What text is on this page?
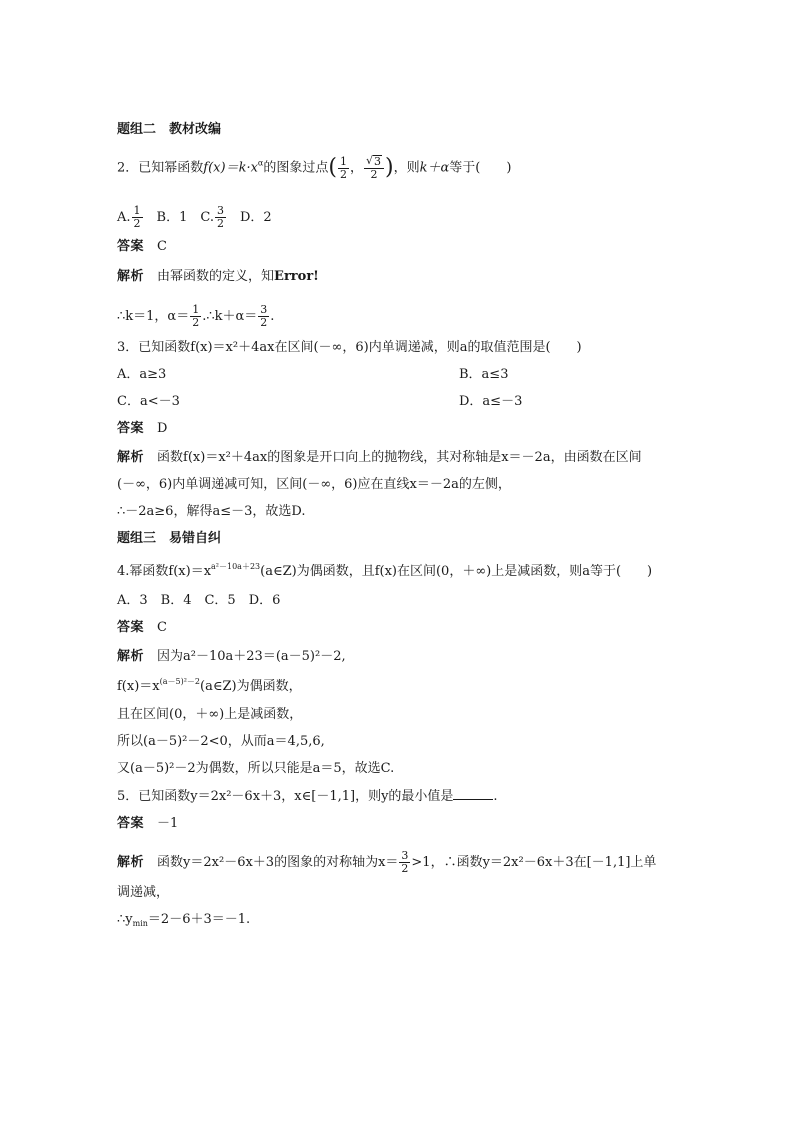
题组二　教材改编
2．已知幂函数$f(x)=k\cdot x^\alpha$的图象过点( $\frac{1}{2}$ ， $\frac{√ 3}{2}$ )，则k＋α等于(　　)
A. $\frac{1}{2}$
　 B．1　C. $\frac{3}{2}$ 　D．2
答案　 C
解析　 由幂函数的定义，知Error!
∴k＝1，$\alpha= \frac{1}{2}$ .∴k＋α＝ $\frac{3}{2}$ .
3．已知函数f(x)＝x²＋4ax在区间(－∞，6)内单调递减，则a的取值范围是(　　)
A．a≥3	B．a≤3
C．a<－3	D．a≤－3
答案　 D
解析　 函数f(x)＝x²＋4ax的图象是开口向上的抛物线，其对称轴是x＝－2a，由函数在区间
(－∞，6)内单调递减可知，区间(－∞，6)应在直线x＝－2a的左侧，
∴－2a≥6，解得a≤－3，故选D.
题组三　易错自纠
4.幂函数$f(x)=x^{a^2-10a+23}(a\in Z)$为偶函数，且f(x)在区间(0，＋∞)上是减函数，则a等于(　　)
A．3　B．4　C．5　D．6
答案　 C
解析　 因为a²－10a＋23＝(a－5)²－2,
$f(x)=x^{(a-5)^2-2}(a\in Z)$为偶函数，
且在区间(0，＋∞)上是减函数，
所以(a－5)²－2<0，从而a＝4,5,6,
又(a－5)²－2为偶数，所以只能是a＝5，故选C.
5．已知函数y＝2x²－6x＋3，x∈[－1,1]，则y的最小值是	.
答案　 －1
解析　 函数y＝2x²－6x＋3的图象的对称轴为$x= \frac{3}{2} >1$，∴函数y＝2x²－6x＋3在[－1,1]上单
调递减，
$\therefore y_{min}=2-6+3=-1$.
